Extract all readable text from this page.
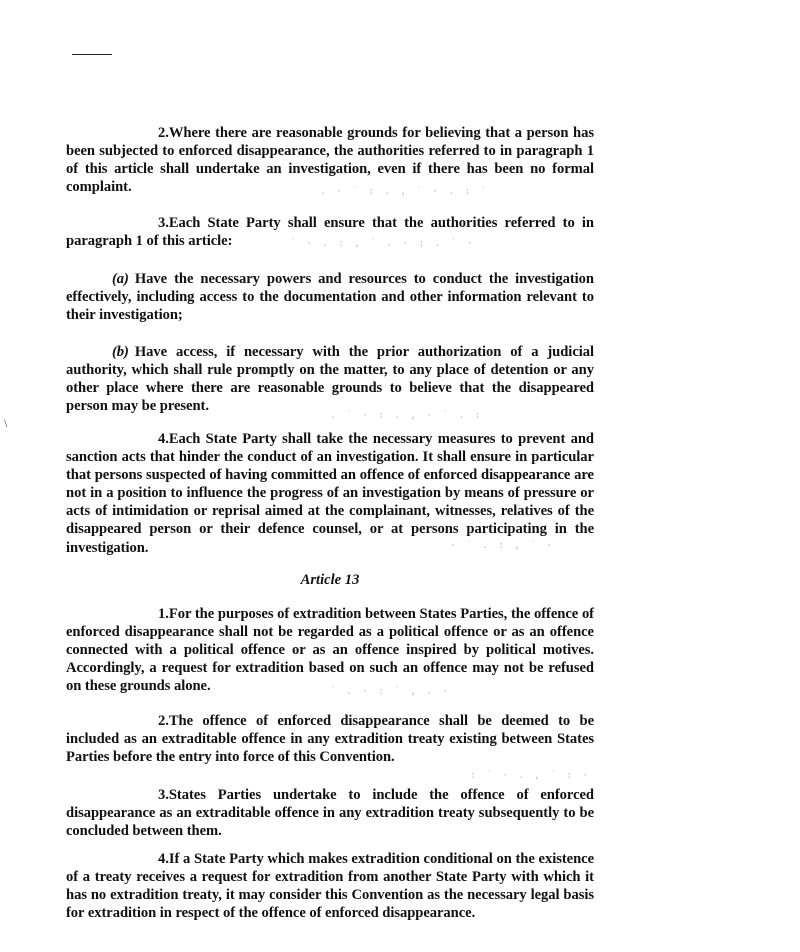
\
. · ˙ : . , ˙ · . : ˙
˙ · . : , ˙ . · : . ˙ ·
. ˙ · : . , · ˙ . :
· ˙ . : , ˙ ·
˙ . · : ˙ , . ·
: ˙ · . , ˙ : ·
2.Where there are reasonable grounds for believing that a person has been subjected to enforced disappearance, the authorities referred to in paragraph 1 of this article shall undertake an investigation, even if there has been no formal complaint.
3.Each State Party shall ensure that the authorities referred to in paragraph 1 of this article:
(a) Have the necessary powers and resources to conduct the investigation effectively, including access to the documentation and other information relevant to their investigation;
(b) Have access, if necessary with the prior authorization of a judicial authority, which shall rule promptly on the matter, to any place of detention or any other place where there are reasonable grounds to believe that the disappeared person may be present.
4.Each State Party shall take the necessary measures to prevent and sanction acts that hinder the conduct of an investigation. It shall ensure in particular that persons suspected of having committed an offence of enforced disappearance are not in a position to influence the progress of an investigation by means of pressure or acts of intimidation or reprisal aimed at the complainant, witnesses, relatives of the disappeared person or their defence counsel, or at persons participating in the investigation.
Article 13
1.For the purposes of extradition between States Parties, the offence of enforced disappearance shall not be regarded as a political offence or as an offence connected with a political offence or as an offence inspired by political motives. Accordingly, a request for extradition based on such an offence may not be refused on these grounds alone.
2.The offence of enforced disappearance shall be deemed to be included as an extraditable offence in any extradition treaty existing between States Parties before the entry into force of this Convention.
3.States Parties undertake to include the offence of enforced disappearance as an extraditable offence in any extradition treaty subsequently to be concluded between them.
4.If a State Party which makes extradition conditional on the existence of a treaty receives a request for extradition from another State Party with which it has no extradition treaty, it may consider this Convention as the necessary legal basis for extradition in respect of the offence of enforced disappearance.
